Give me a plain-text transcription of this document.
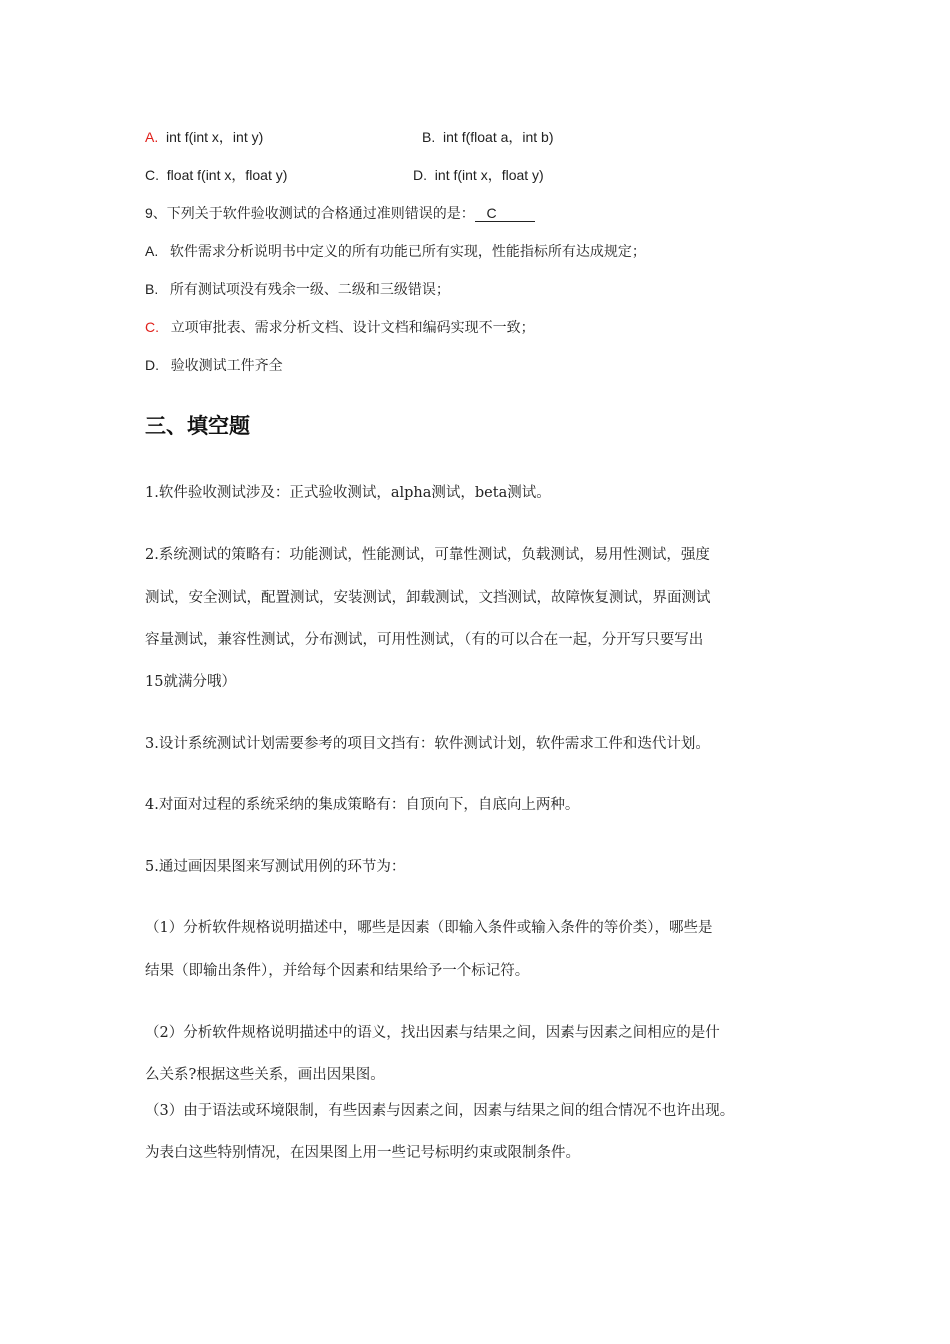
A. int f(int x，int y)	B. int f(float a，int b)
C. float f(int x，float y)	D. int f(int x，float y)
9、下列关于软件验收测试的合格通过准则错误的是： C
A. 软件需求分析说明书中定义的所有功能已所有实现，性能指标所有达成规定；
B. 所有测试项没有残余一级、二级和三级错误；
C. 立项审批表、需求分析文档、设计文档和编码实现不一致；
D. 验收测试工件齐全
三、填空题
1.软件验收测试涉及：正式验收测试，alpha测试，beta测试。
2.系统测试的策略有：功能测试，性能测试，可靠性测试，负载测试，易用性测试，强度
测试，安全测试，配置测试，安装测试，卸载测试，文挡测试，故障恢复测试，界面测试
容量测试，兼容性测试，分布测试，可用性测试，（有的可以合在一起，分开写只要写出
15就满分哦）
3.设计系统测试计划需要参考的项目文挡有：软件测试计划，软件需求工件和迭代计划。
4.对面对过程的系统采纳的集成策略有：自顶向下，自底向上两种。
5.通过画因果图来写测试用例的环节为：
（1）分析软件规格说明描述中，哪些是因素（即输入条件或输入条件的等价类），哪些是
结果（即输出条件），并给每个因素和结果给予一个标记符。
（2）分析软件规格说明描述中的语义，找出因素与结果之间，因素与因素之间相应的是什
么关系?根据这些关系，画出因果图。
（3）由于语法或环境限制，有些因素与因素之间，因素与结果之间的组合情况不也许出现。
为表白这些特别情况，在因果图上用一些记号标明约束或限制条件。
